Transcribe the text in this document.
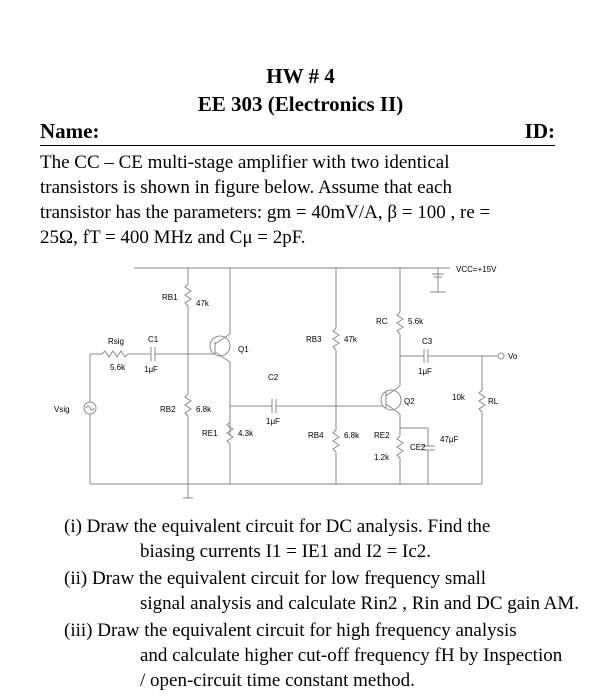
HW # 4
EE 303 (Electronics II)
Name:	ID:
The CC – CE multi-stage amplifier with two identical
transistors is shown in figure below. Assume that each
transistor has the parameters: gm = 40mV/A, β = 100 , re =
25Ω, fT = 400 MHz and Cμ = 2pF.
VCC=+15V
Vsig
Rsig
5.6k
C1
1μF
RB1
47k
Q1
RB2	6.8k
RE1	4.3k
C2
1μF
RB3	47k
RB4	6.8k
RC	5.6k
C3
1μF
Vo
Q2	10k	RL
RE2
1.2k
CE2
47μF
(i) Draw the equivalent circuit for DC analysis. Find the
biasing currents I1 = IE1 and I2 = Ic2.
(ii) Draw the equivalent circuit for low frequency small
signal analysis and calculate Rin2 , Rin and DC gain AM.
(iii) Draw the equivalent circuit for high frequency analysis
and calculate higher cut-off frequency fH by Inspection
/ open-circuit time constant method.
